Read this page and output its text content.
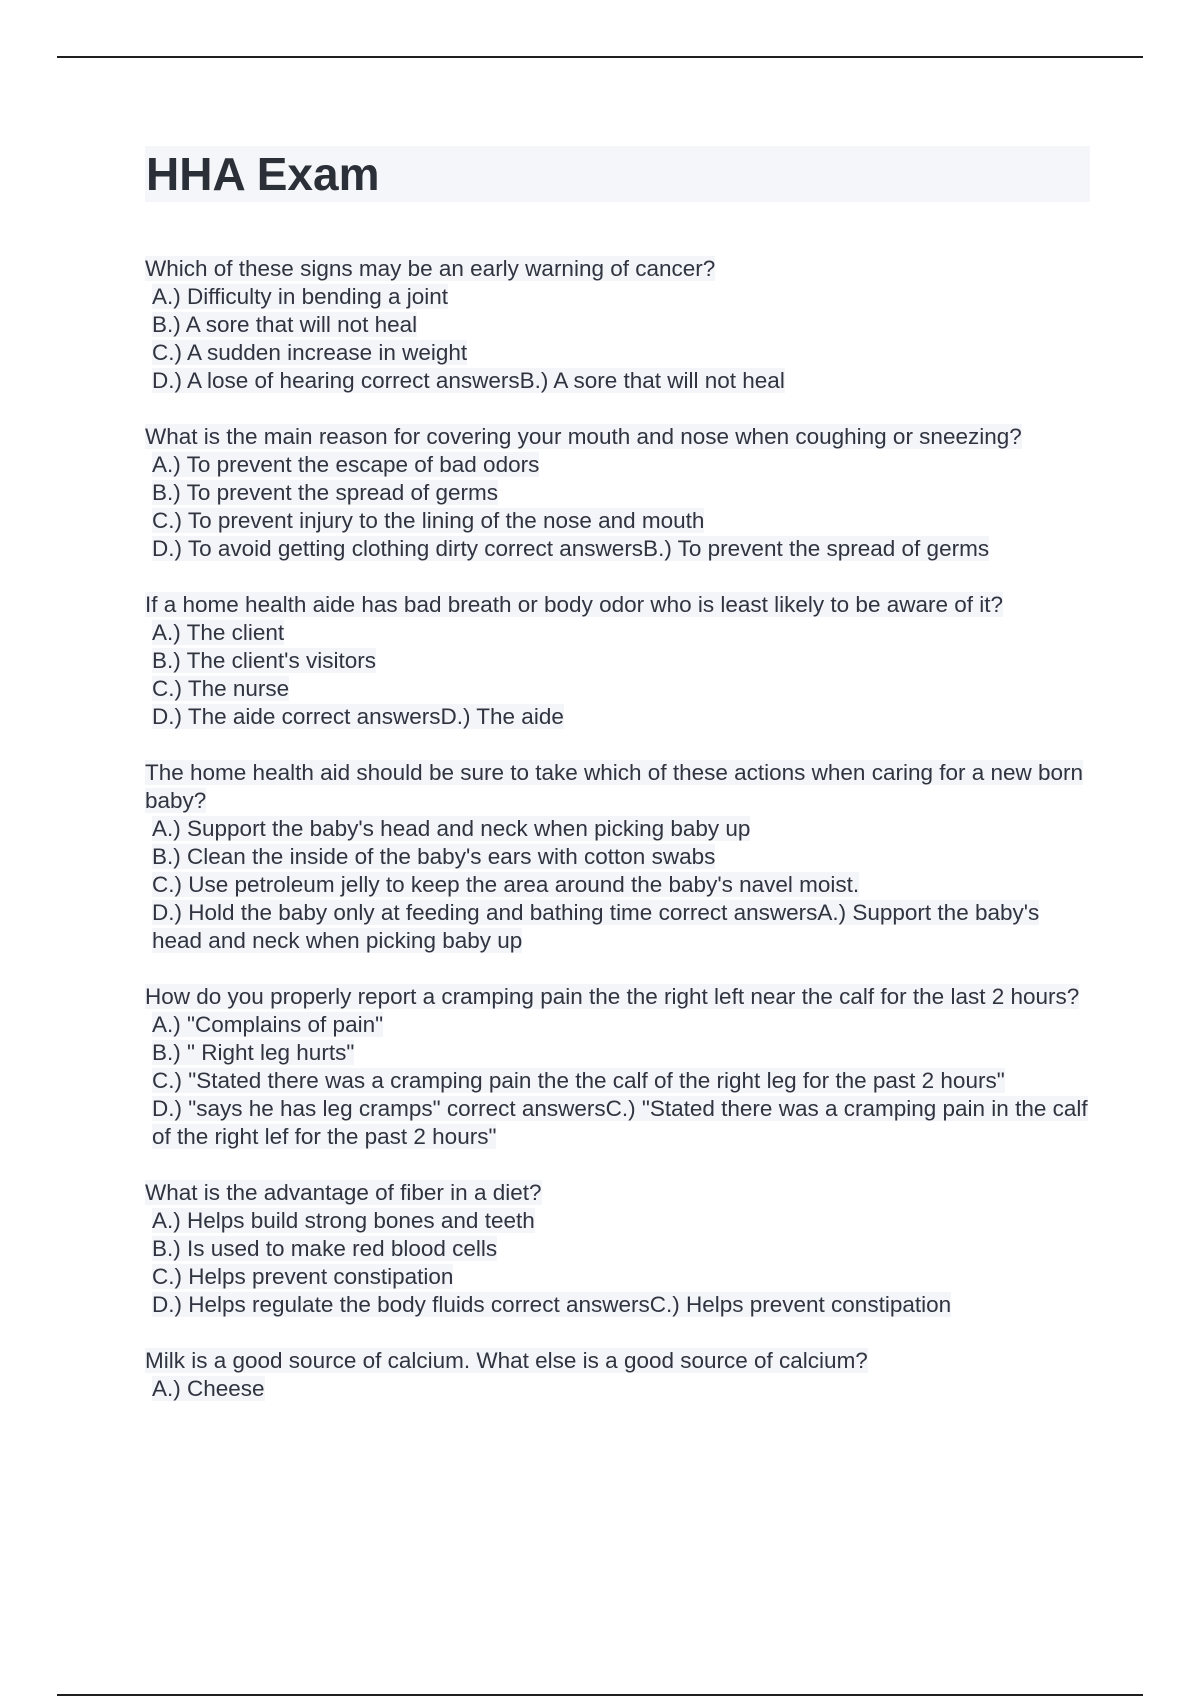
HHA Exam
Which of these signs may be an early warning of cancer?
A.) Difficulty in bending a joint
B.) A sore that will not heal
C.) A sudden increase in weight
D.) A lose of hearing correct answersB.) A sore that will not heal
What is the main reason for covering your mouth and nose when coughing or sneezing?
A.) To prevent the escape of bad odors
B.) To prevent the spread of germs
C.) To prevent injury to the lining of the nose and mouth
D.) To avoid getting clothing dirty correct answersB.) To prevent the spread of germs
If a home health aide has bad breath or body odor who is least likely to be aware of it?
A.) The client
B.) The client's visitors
C.) The nurse
D.) The aide correct answersD.) The aide
The home health aid should be sure to take which of these actions when caring for a new born baby?
A.) Support the baby's head and neck when picking baby up
B.) Clean the inside of the baby's ears with cotton swabs
C.) Use petroleum jelly to keep the area around the baby's navel moist.
D.) Hold the baby only at feeding and bathing time correct answersA.) Support the baby's head and neck when picking baby up
How do you properly report a cramping pain the the right left near the calf for the last 2 hours?
A.) "Complains of pain"
B.) " Right leg hurts"
C.) "Stated there was a cramping pain the the calf of the right leg for the past 2 hours"
D.) "says he has leg cramps" correct answersC.) "Stated there was a cramping pain in the calf of the right lef for the past 2 hours"
What is the advantage of fiber in a diet?
A.) Helps build strong bones and teeth
B.) Is used to make red blood cells
C.) Helps prevent constipation
D.) Helps regulate the body fluids correct answersC.) Helps prevent constipation
Milk is a good source of calcium. What else is a good source of calcium?
A.) Cheese
